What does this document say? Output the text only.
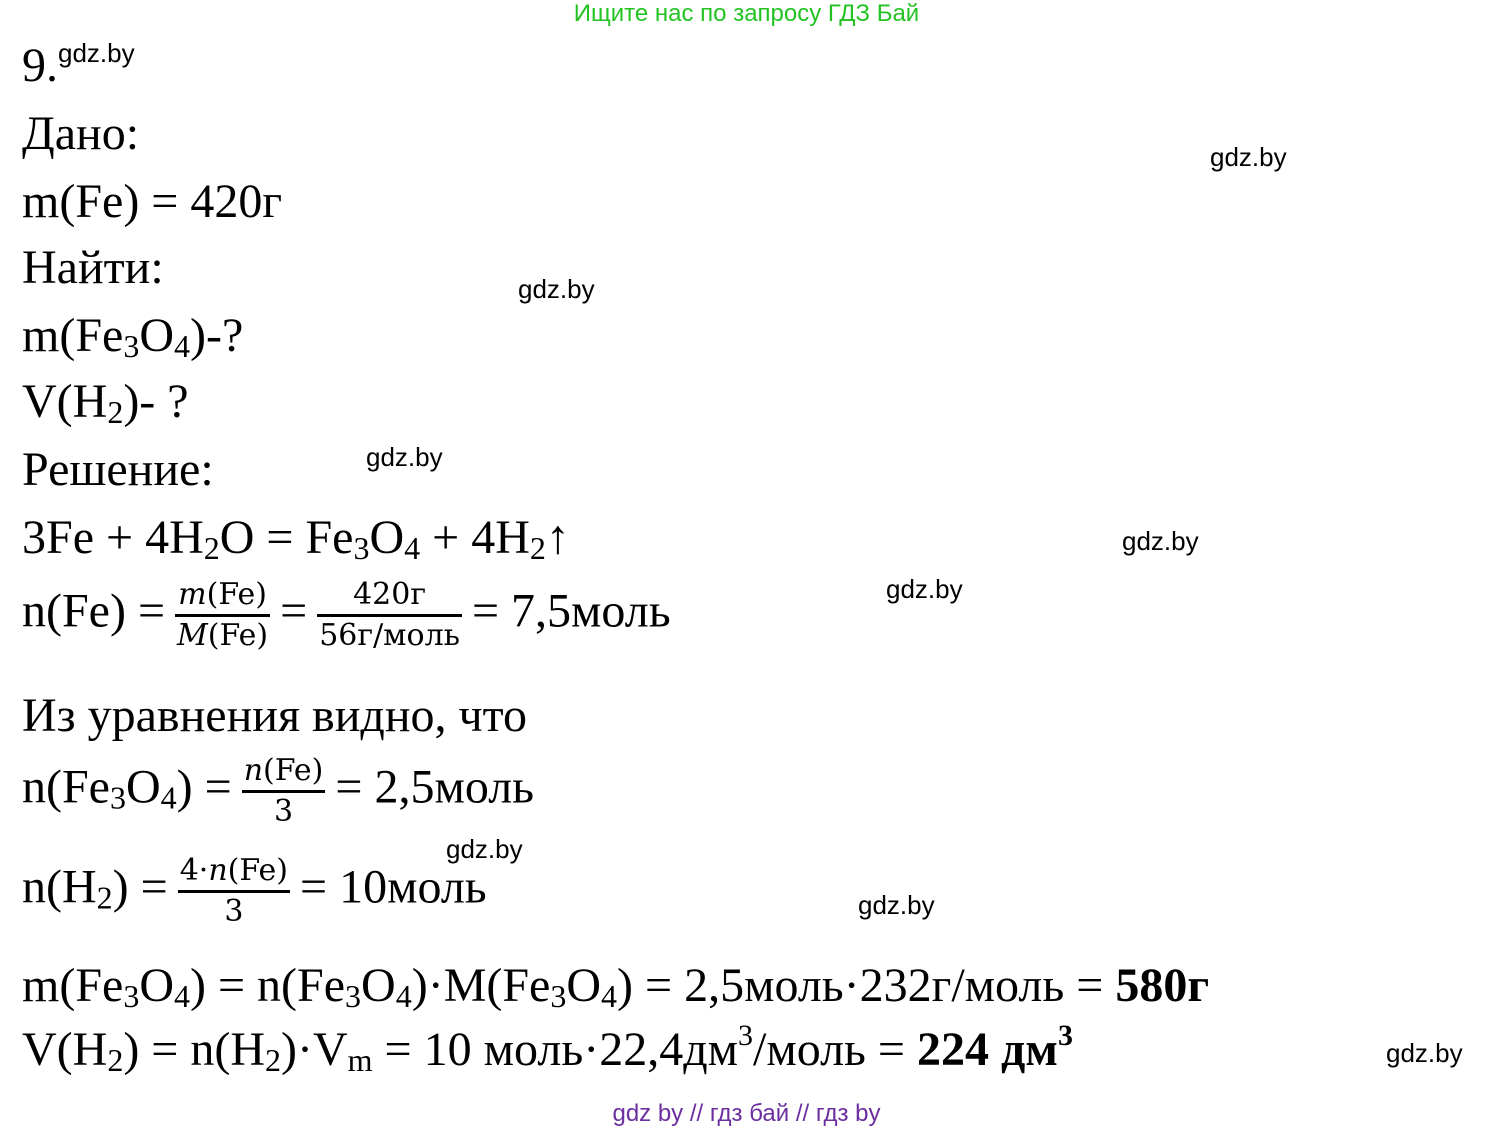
Ищите нас по запросу ГДЗ Бай
9. gdz.by
Дано:	gdz.by
m(Fe) = 420г
Найти:	gdz.by
$m(Fe_3O_4)-$?
$V(H_2)-$ ?
Решение:	gdz.by
$3Fe + 4H_2O = Fe_3O_4$ + $4H_2↑$	gdz.by
gdz.by
$n(Fe) = \frac{m(Fe)}{M(Fe)} = \frac{420г}{\text{56г/моль}}$ = 7,5моль
Из уравнения видно, что
$n(Fe_3O_4) = \frac{n(Fe)}{3}$ = 2,5моль
gdz.by
$n(H_2) = \frac{4\cdot n(Fe)}{3}$ = 10моль	gdz.by
$m(Fe_3O_4) = n(Fe_3O_4)\cdot M(Fe_3O_4)$ = 2,5моль·232г/моль = 580г
$V(H_2) = n(H_2)\cdot V_m = 10$ $моль\cdot 22,4дм^3$/моль = 224 $дм^3$
gdz.by
gdz by // гдз бай // гдз by
